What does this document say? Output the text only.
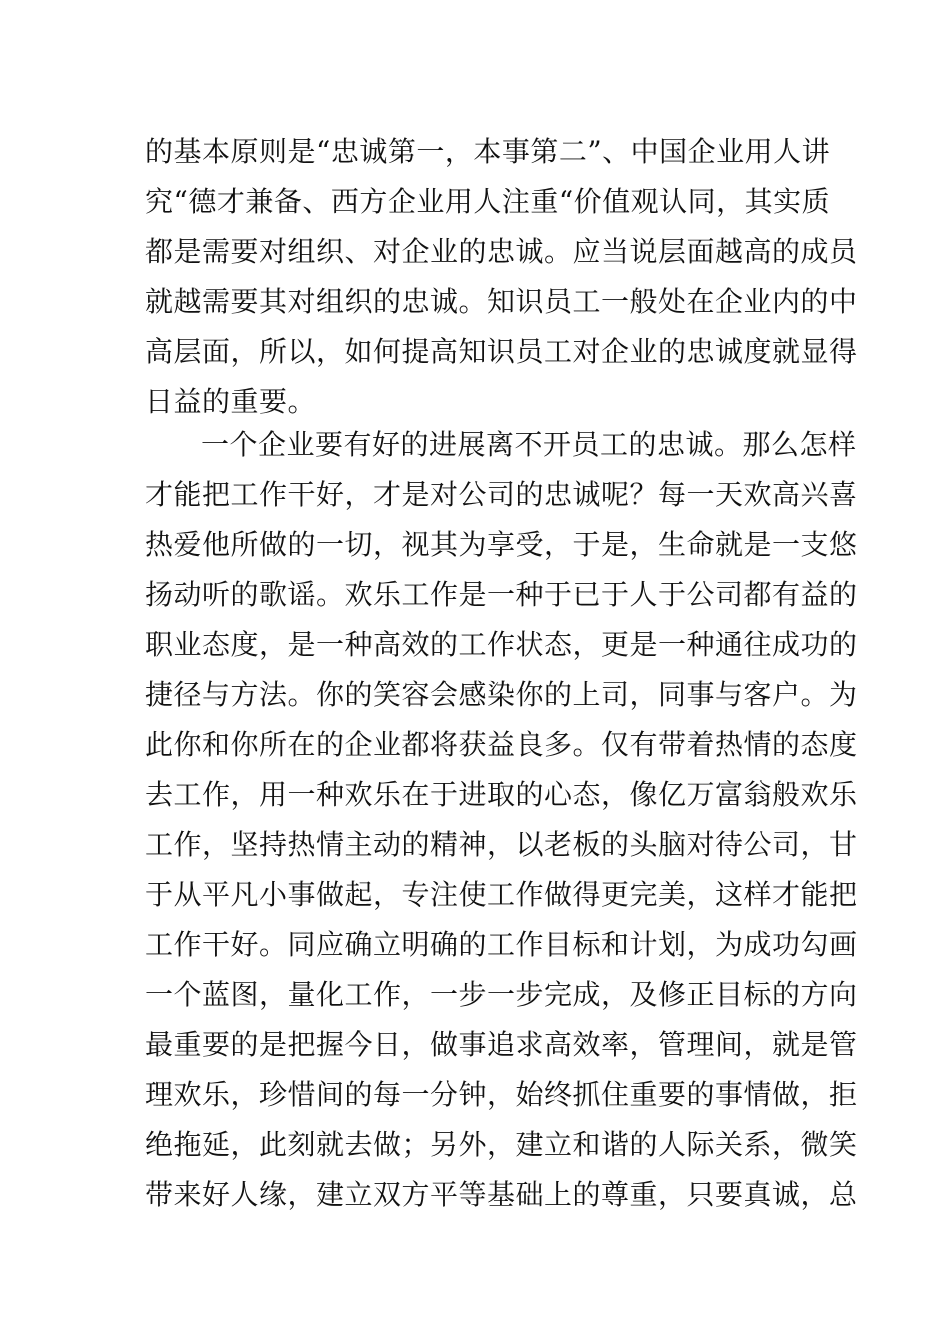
的基本原则是“忠诚第一，本事第二”、中国企业用人讲
究“德才兼备、西方企业用人注重“价值观认同，其实质
都是需要对组织、对企业的忠诚。应当说层面越高的成员
就越需要其对组织的忠诚。知识员工一般处在企业内的中
高层面，所以，如何提高知识员工对企业的忠诚度就显得
日益的重要。
一个企业要有好的进展离不开员工的忠诚。那么怎样
才能把工作干好，才是对公司的忠诚呢？每一天欢高兴喜
热爱他所做的一切，视其为享受，于是，生命就是一支悠
扬动听的歌谣。欢乐工作是一种于已于人于公司都有益的
职业态度，是一种高效的工作状态，更是一种通往成功的
捷径与方法。你的笑容会感染你的上司，同事与客户。为
此你和你所在的企业都将获益良多。仅有带着热情的态度
去工作，用一种欢乐在于进取的心态，像亿万富翁般欢乐
工作，坚持热情主动的精神，以老板的头脑对待公司，甘
于从平凡小事做起，专注使工作做得更完美，这样才能把
工作干好。同应确立明确的工作目标和计划，为成功勾画
一个蓝图，量化工作，一步一步完成，及修正目标的方向
最重要的是把握今日，做事追求高效率，管理间，就是管
理欢乐，珍惜间的每一分钟，始终抓住重要的事情做，拒
绝拖延，此刻就去做；另外，建立和谐的人际关系，微笑
带来好人缘，建立双方平等基础上的尊重，只要真诚，总
